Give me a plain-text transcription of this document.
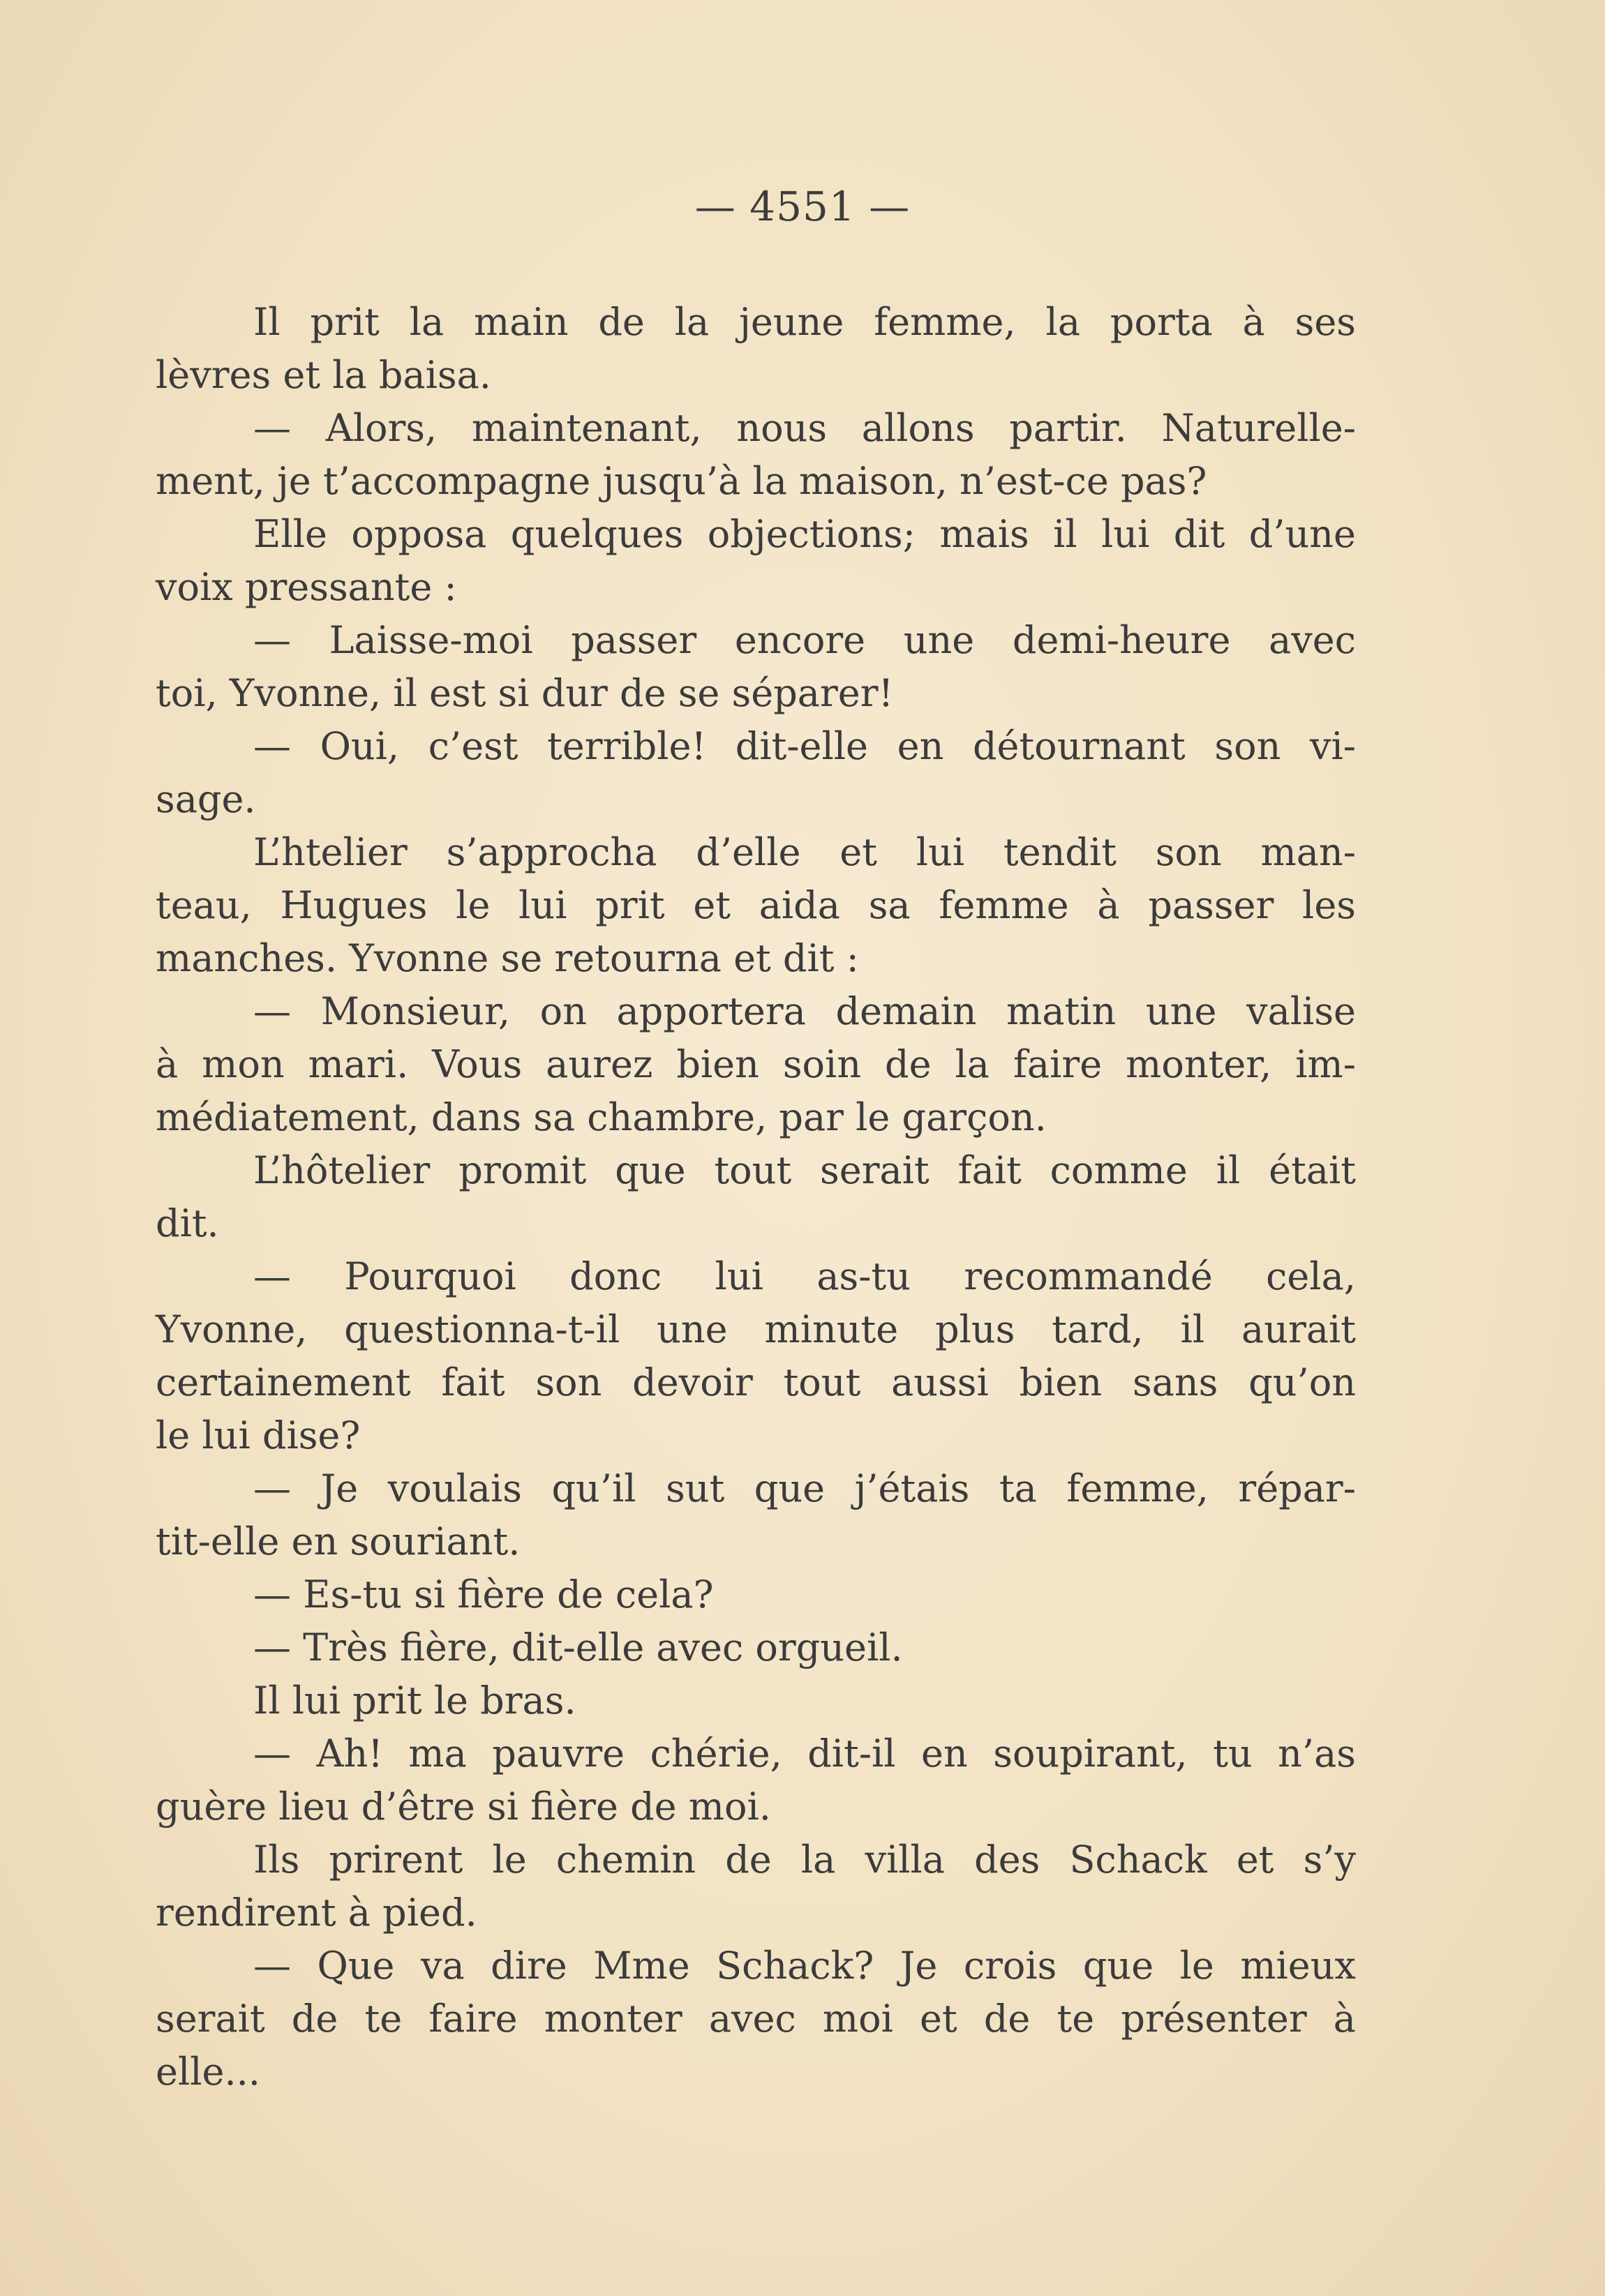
— 4551 —

Il prit la main de la jeune femme, la porta à ses
lèvres et la baisa.
— Alors, maintenant, nous allons partir. Naturelle-
ment, je t’accompagne jusqu’à la maison, n’est-ce pas?
Elle opposa quelques objections; mais il lui dit d’une
voix pressante :
— Laisse-moi passer encore une demi-heure avec
toi, Yvonne, il est si dur de se séparer!
— Oui, c’est terrible! dit-elle en détournant son vi-
sage.
L’htelier s’approcha d’elle et lui tendit son man-
teau, Hugues le lui prit et aida sa femme à passer les
manches. Yvonne se retourna et dit :
— Monsieur, on apportera demain matin une valise
à mon mari. Vous aurez bien soin de la faire monter, im-
médiatement, dans sa chambre, par le garçon.
L’hôtelier promit que tout serait fait comme il était
dit.
— Pourquoi donc lui as-tu recommandé cela,
Yvonne, questionna-t-il une minute plus tard, il aurait
certainement fait son devoir tout aussi bien sans qu’on
le lui dise?
— Je voulais qu’il sut que j’étais ta femme, répar-
tit-elle en souriant.
— Es-tu si fière de cela?
— Très fière, dit-elle avec orgueil.
Il lui prit le bras.
— Ah! ma pauvre chérie, dit-il en soupirant, tu n’as
guère lieu d’être si fière de moi.
Ils prirent le chemin de la villa des Schack et s’y
rendirent à pied.
— Que va dire Mme Schack? Je crois que le mieux
serait de te faire monter avec moi et de te présenter à
elle...
